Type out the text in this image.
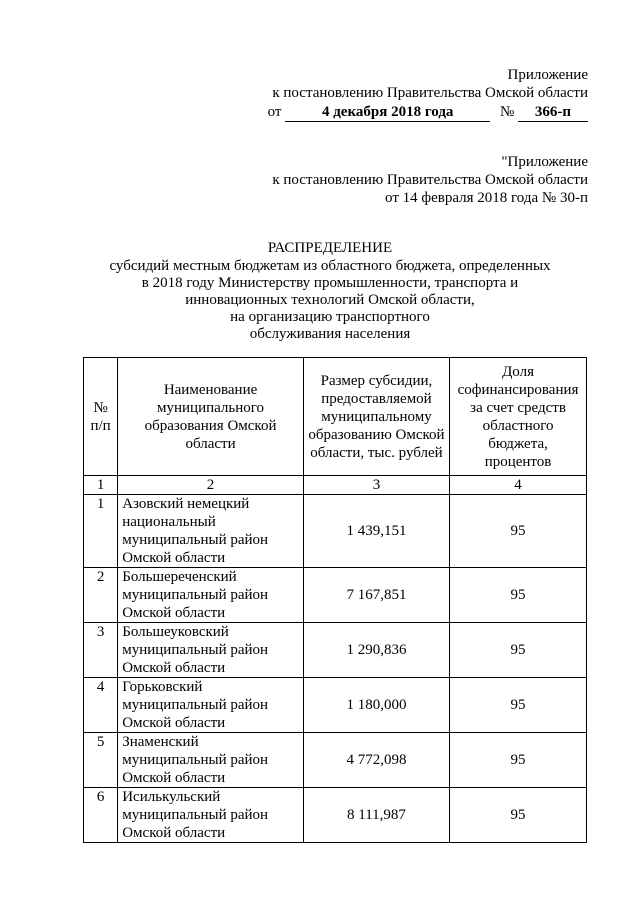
Приложение
к постановлению Правительства Омской области
от	4 декабря 2018 года	№ 366-п
"Приложение
к постановлению Правительства Омской области
от 14 февраля 2018 года № 30-п
РАСПРЕДЕЛЕНИЕ
субсидий местным бюджетам из областного бюджета, определенных
в 2018 году Министерству промышленности, транспорта и
инновационных технологий Омской области,
на организацию транспортного
обслуживания населения
№ п/п	Наименование муниципального образования Омской области	Размер субсидии, предоставляемой муниципальному образованию Омской области, тыс. рублей	Доля софинансирования за счет средств областного бюджета, процентов
1	2	3	4
1	Азовский немецкий национальный муниципальный район Омской области	1 439,151	95
2	Большереченский муниципальный район Омской области	7 167,851	95
3	Большеуковский муниципальный район Омской области	1 290,836	95
4	Горьковский муниципальный район Омской области	1 180,000	95
5	Знаменский муниципальный район Омской области	4 772,098	95
6	Исилькульский муниципальный район Омской области	8 111,987	95
